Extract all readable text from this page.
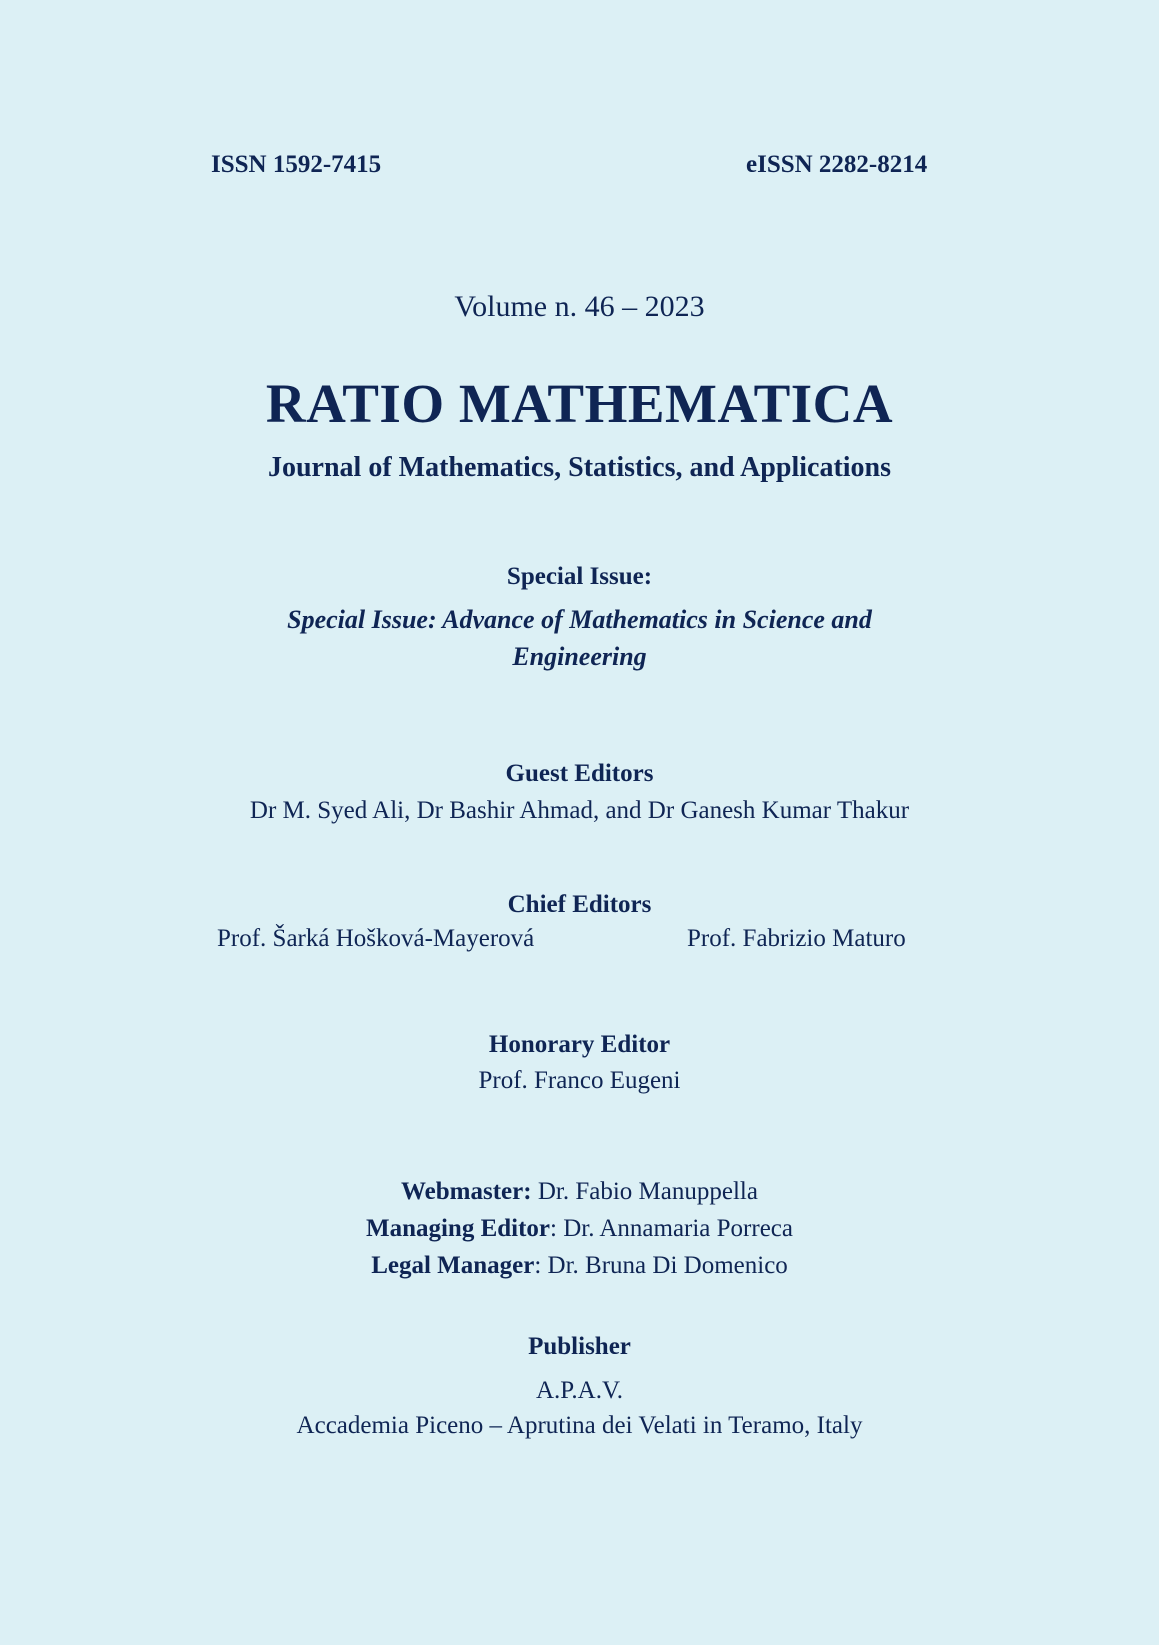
ISSN 1592-7415	eISSN 2282-8214
Volume n. 46 – 2023
RATIO MATHEMATICA
Journal of Mathematics, Statistics, and Applications
Special Issue:
Special Issue: Advance of Mathematics in Science and
Engineering
Guest Editors
Dr M. Syed Ali, Dr Bashir Ahmad, and Dr Ganesh Kumar Thakur
Chief Editors
Prof. Šarká Hošková-Mayerová	Prof. Fabrizio Maturo
Honorary Editor
Prof. Franco Eugeni
Webmaster: Dr. Fabio Manuppella
Managing Editor: Dr. Annamaria Porreca
Legal Manager: Dr. Bruna Di Domenico
Publisher
A.P.A.V.
Accademia Piceno – Aprutina dei Velati in Teramo, Italy
